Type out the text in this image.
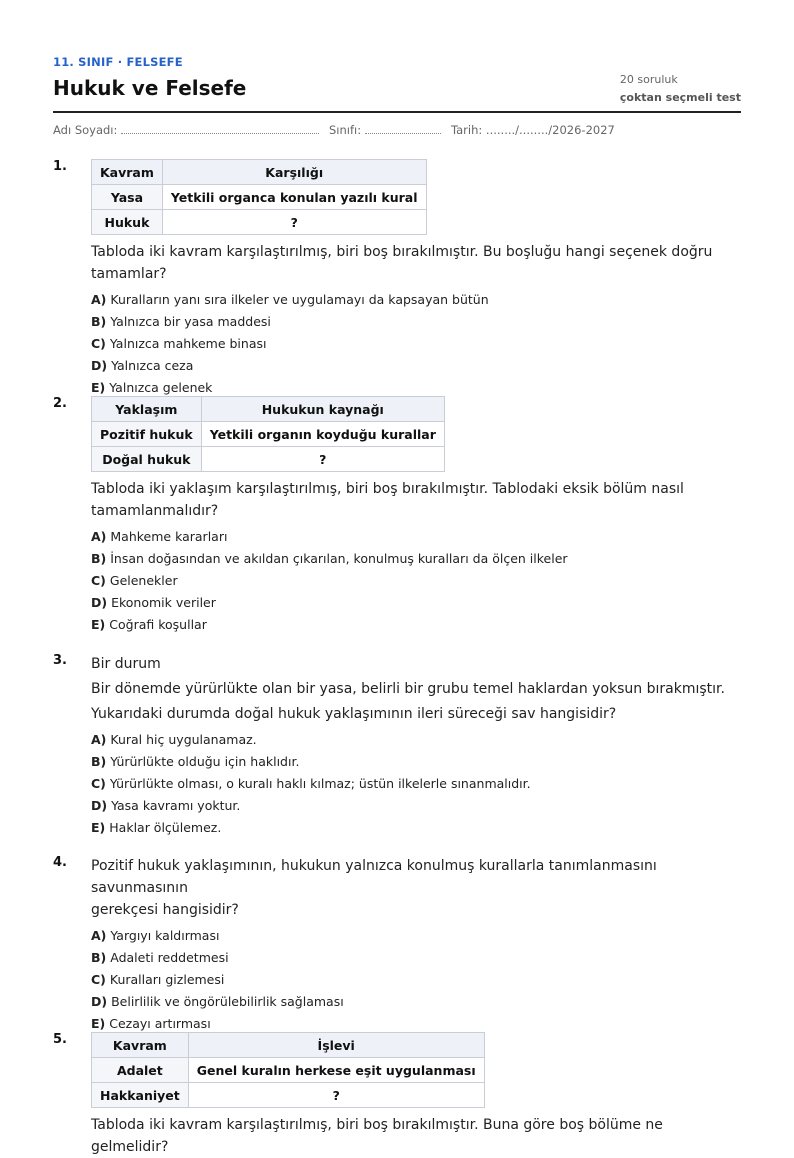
11. SINIF · FELSEFE
Hukuk ve Felsefe	20 soruluk
çoktan seçmeli test
Adı Soyadı:	Sınıfı:	Tarih: ......../......../2026-2027
1.	Kavram	Karşılığı
Yasa	Yetkili organca konulan yazılı kural
Hukuk	?
Tabloda iki kavram karşılaştırılmış, biri boş bırakılmıştır. Bu boşluğu hangi seçenek doğru tamamlar?
A) Kuralların yanı sıra ilkeler ve uygulamayı da kapsayan bütün
B) Yalnızca bir yasa maddesi
C) Yalnızca mahkeme binası
D) Yalnızca ceza
E) Yalnızca gelenek
2.	Yaklaşım	Hukukun kaynağı
Pozitif hukuk	Yetkili organın koyduğu kurallar
Doğal hukuk	?
Tabloda iki yaklaşım karşılaştırılmış, biri boş bırakılmıştır. Tablodaki eksik bölüm nasıl
tamamlanmalıdır?
A) Mahkeme kararları
B) İnsan doğasından ve akıldan çıkarılan, konulmuş kuralları da ölçen ilkeler
C) Gelenekler
D) Ekonomik veriler
E) Coğrafi koşullar
3. Bir durum
Bir dönemde yürürlükte olan bir yasa, belirli bir grubu temel haklardan yoksun bırakmıştır.
Yukarıdaki durumda doğal hukuk yaklaşımının ileri süreceği sav hangisidir?
A) Kural hiç uygulanamaz.
B) Yürürlükte olduğu için haklıdır.
C) Yürürlükte olması, o kuralı haklı kılmaz; üstün ilkelerle sınanmalıdır.
D) Yasa kavramı yoktur.
E) Haklar ölçülemez.
4. Pozitif hukuk yaklaşımının, hukukun yalnızca konulmuş kurallarla tanımlanmasını savunmasının
gerekçesi hangisidir?
A) Yargıyı kaldırması
B) Adaleti reddetmesi
C) Kuralları gizlemesi
D) Belirlilik ve öngörülebilirlik sağlaması
E) Cezayı artırması
5.	Kavram	İşlevi
Adalet	Genel kuralın herkese eşit uygulanması
Hakkaniyet	?
Tabloda iki kavram karşılaştırılmış, biri boş bırakılmıştır. Buna göre boş bölüme ne gelmelidir?
